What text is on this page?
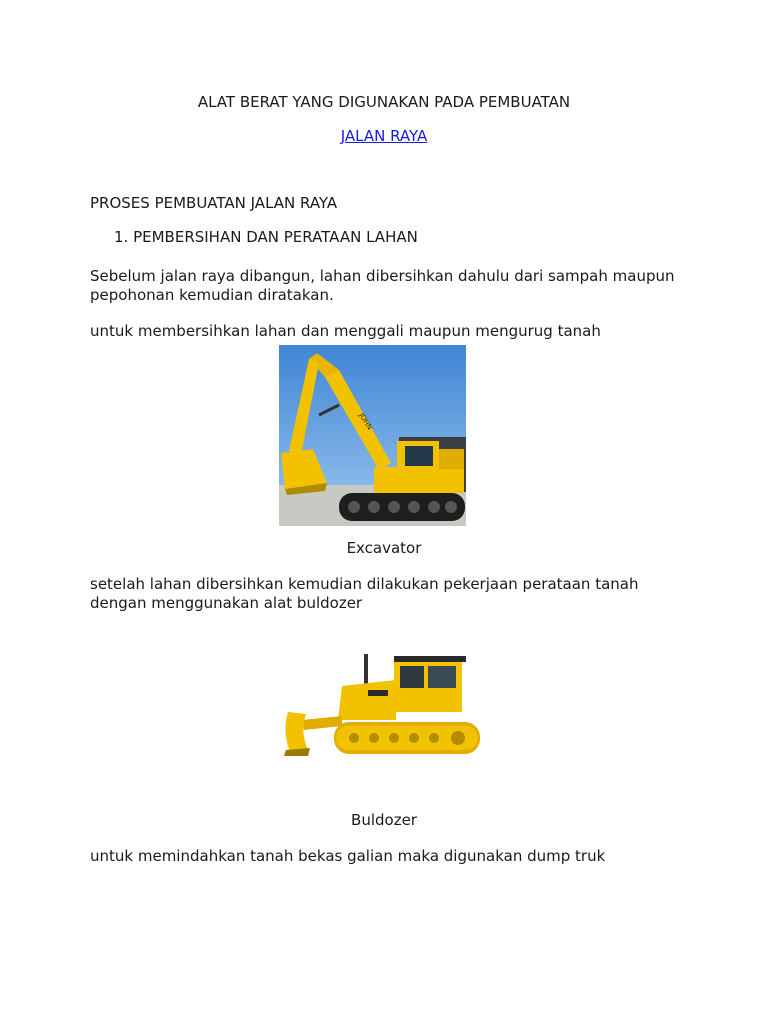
ALAT BERAT YANG DIGUNAKAN PADA PEMBUATAN
JALAN RAYA
PROSES PEMBUATAN JALAN RAYA
1. PEMBERSIHAN DAN PERATAAN LAHAN
Sebelum jalan raya dibangun, lahan dibersihkan dahulu dari sampah maupun pepohonan kemudian diratakan.
untuk membersihkan lahan dan menggali maupun mengurug tanah
JOHN
Excavator
setelah lahan dibersihkan kemudian dilakukan pekerjaan perataan tanah dengan menggunakan alat buldozer
Buldozer
untuk memindahkan tanah bekas galian maka digunakan dump truk
